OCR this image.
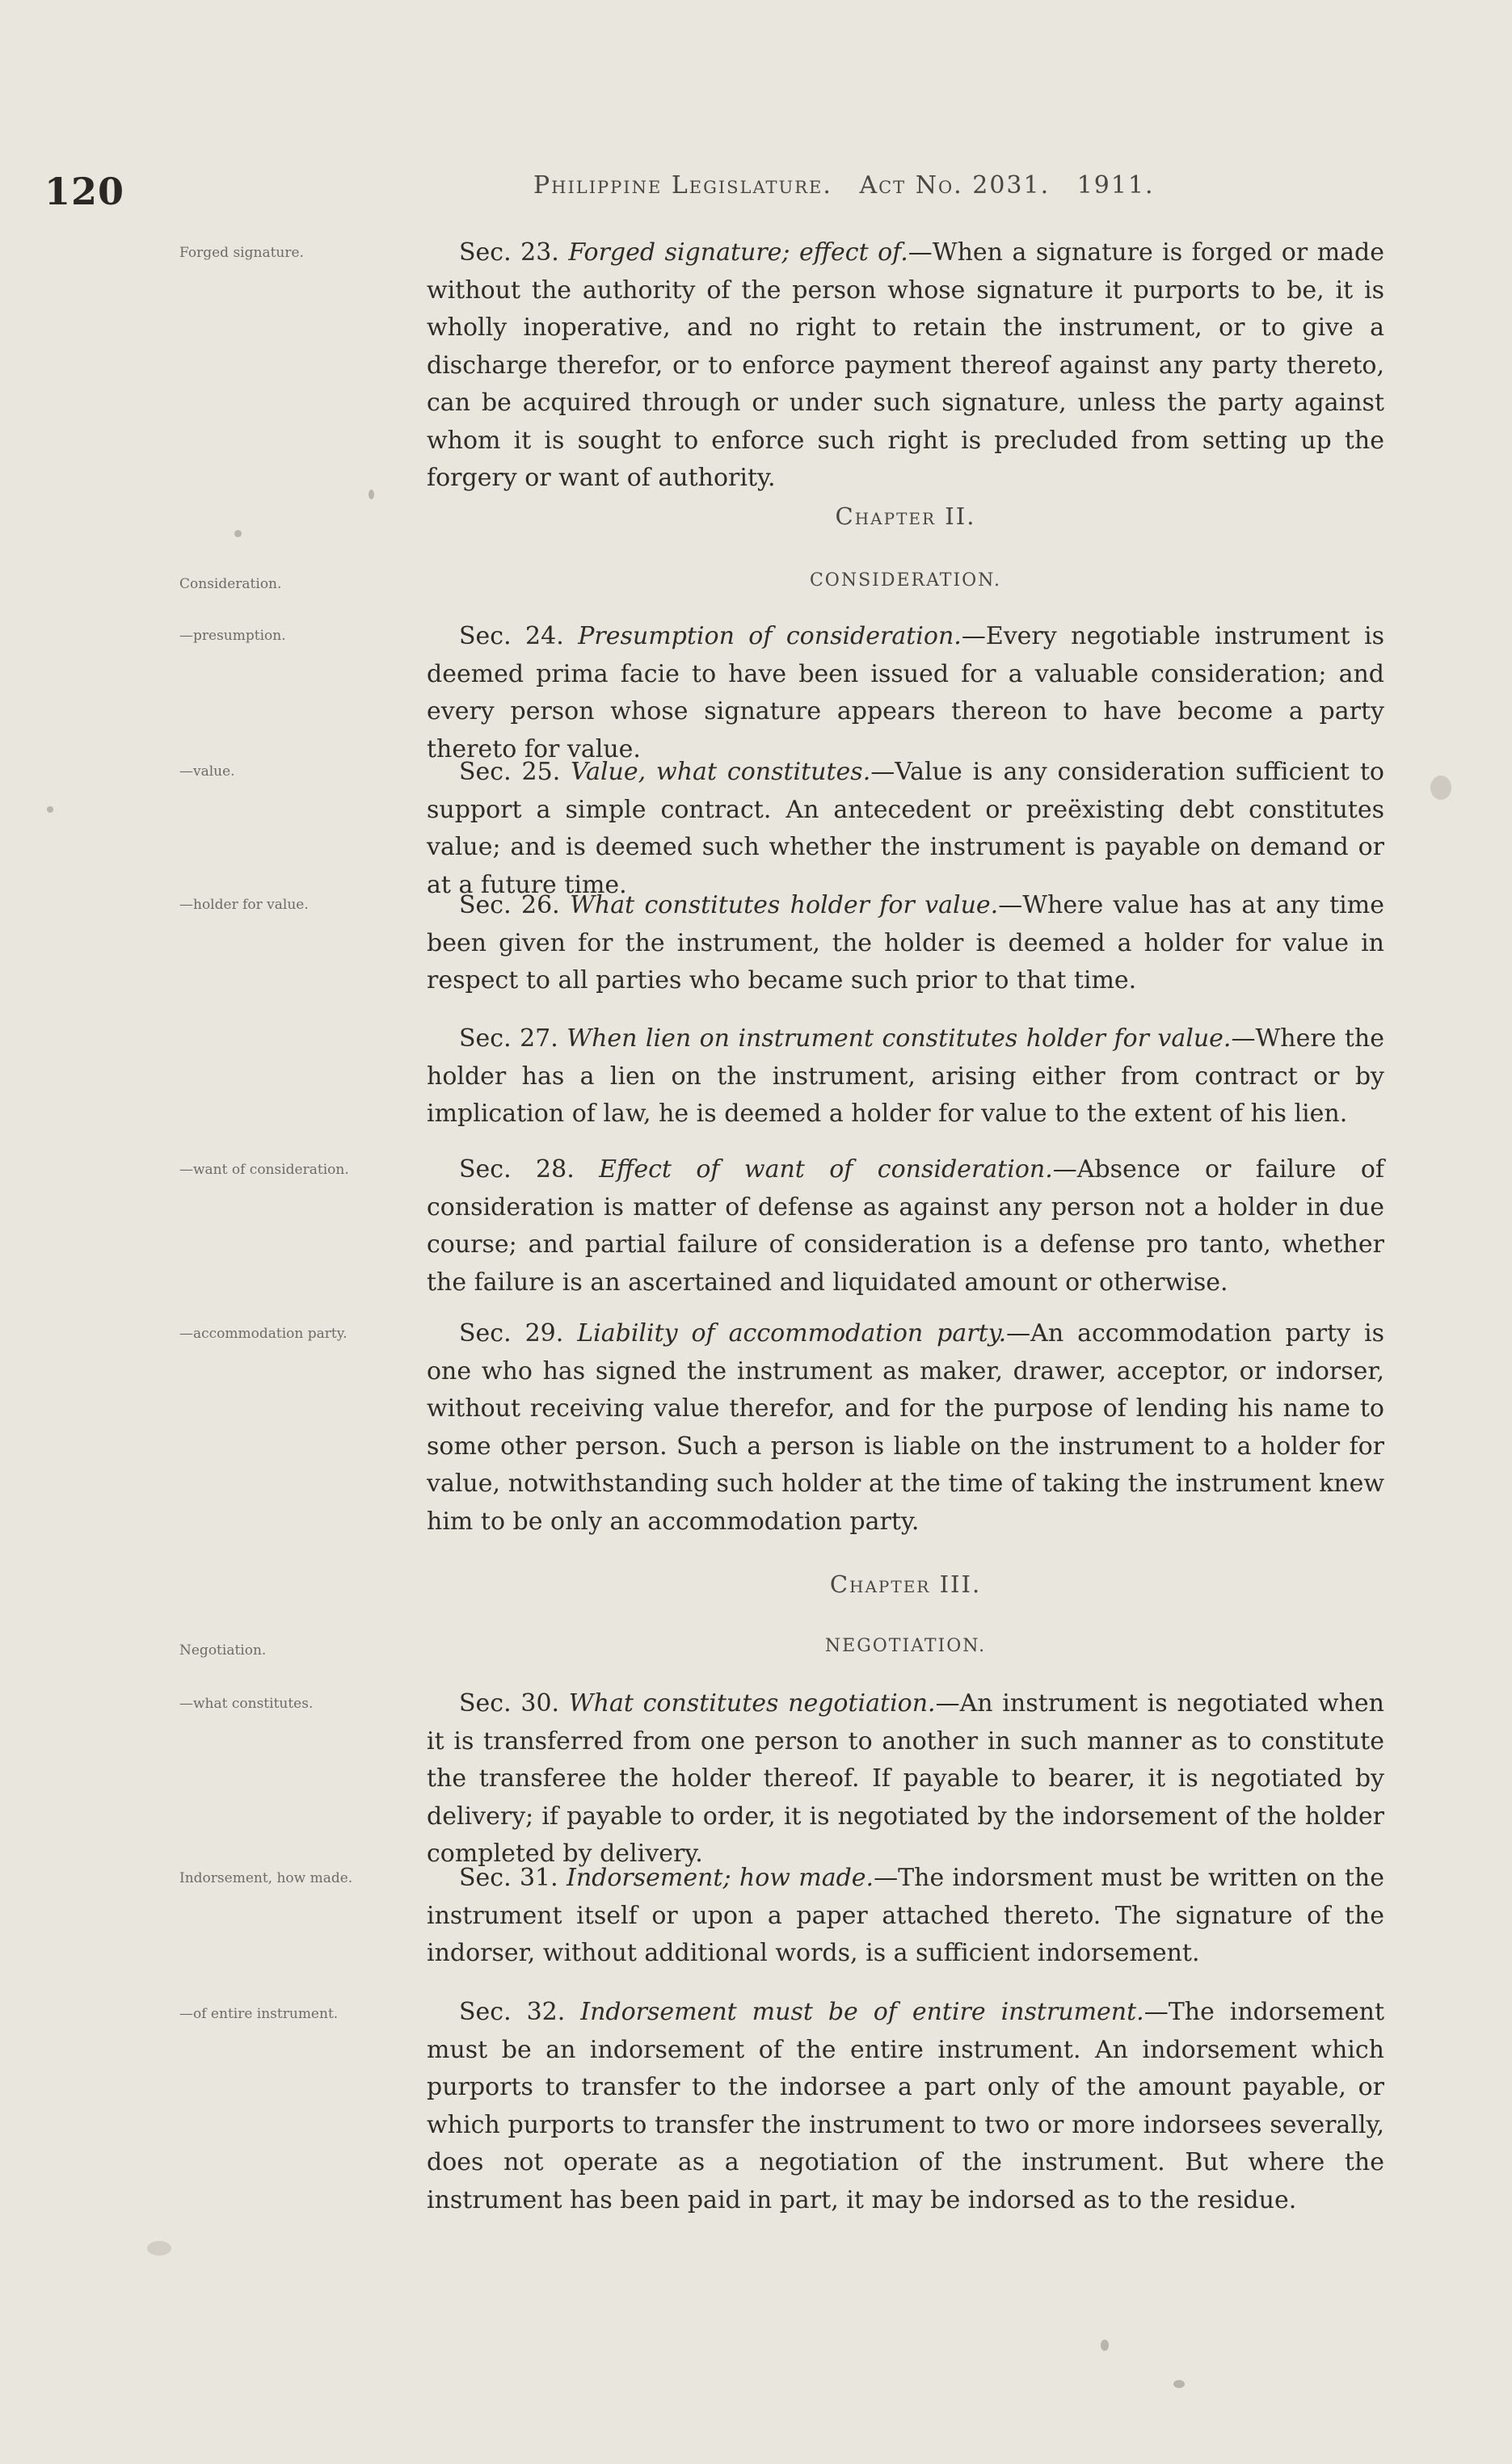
120	Philippine Legislature. Act No. 2031. 1911.
Forged signature.	Sec. 23. Forged signature; effect of.—When a signature is forged or made without the authority of the person whose signature it purports to be, it is wholly inoperative, and no right to retain the instrument, or to give a discharge therefor, or to enforce payment thereof against any party thereto, can be acquired through or under such signature, unless the party against whom it is sought to enforce such right is precluded from setting up the forgery or want of authority.

Chapter II.
Consideration.	CONSIDERATION.
—presumption.	Sec. 24. Presumption of consideration.—Every negotiable instrument is deemed prima facie to have been issued for a valuable consideration; and every person whose signature appears thereon to have become a party thereto for value.

—value.	Sec. 25. Value, what constitutes.—Value is any consideration sufficient to support a simple contract. An antecedent or preëxisting debt constitutes value; and is deemed such whether the instrument is payable on demand or at a future time.

—holder for value.	Sec. 26. What constitutes holder for value.—Where value has at any time been given for the instrument, the holder is deemed a holder for value in respect to all parties who became such prior to that time.

Sec. 27. When lien on instrument constitutes holder for value.—Where the holder has a lien on the instrument, arising either from contract or by implication of law, he is deemed a holder for value to the extent of his lien.

—want of consideration.	Sec. 28. Effect of want of consideration.—Absence or failure of consideration is matter of defense as against any person not a holder in due course; and partial failure of consideration is a defense pro tanto, whether the failure is an ascertained and liquidated amount or otherwise.

—accommodation party.	Sec. 29. Liability of accommodation party.—An accommodation party is one who has signed the instrument as maker, drawer, acceptor, or indorser, without receiving value therefor, and for the purpose of lending his name to some other person. Such a person is liable on the instrument to a holder for value, notwithstanding such holder at the time of taking the instrument knew him to be only an accommodation party.

Chapter III.
Negotiation.	NEGOTIATION.
—what constitutes.	Sec. 30. What constitutes negotiation.—An instrument is negotiated when it is transferred from one person to another in such manner as to constitute the transferee the holder thereof. If payable to bearer, it is negotiated by delivery; if payable to order, it is negotiated by the indorsement of the holder completed by delivery.

Indorsement, how made.	Sec. 31. Indorsement; how made.—The indorsment must be written on the instrument itself or upon a paper attached thereto. The signature of the indorser, without additional words, is a sufficient indorsement.

—of entire instrument.	Sec. 32. Indorsement must be of entire instrument.—The indorsement must be an indorsement of the entire instrument. An indorsement which purports to transfer to the indorsee a part only of the amount payable, or which purports to transfer the instrument to two or more indorsees severally, does not operate as a negotiation of the instrument. But where the instrument has been paid in part, it may be indorsed as to the residue.
